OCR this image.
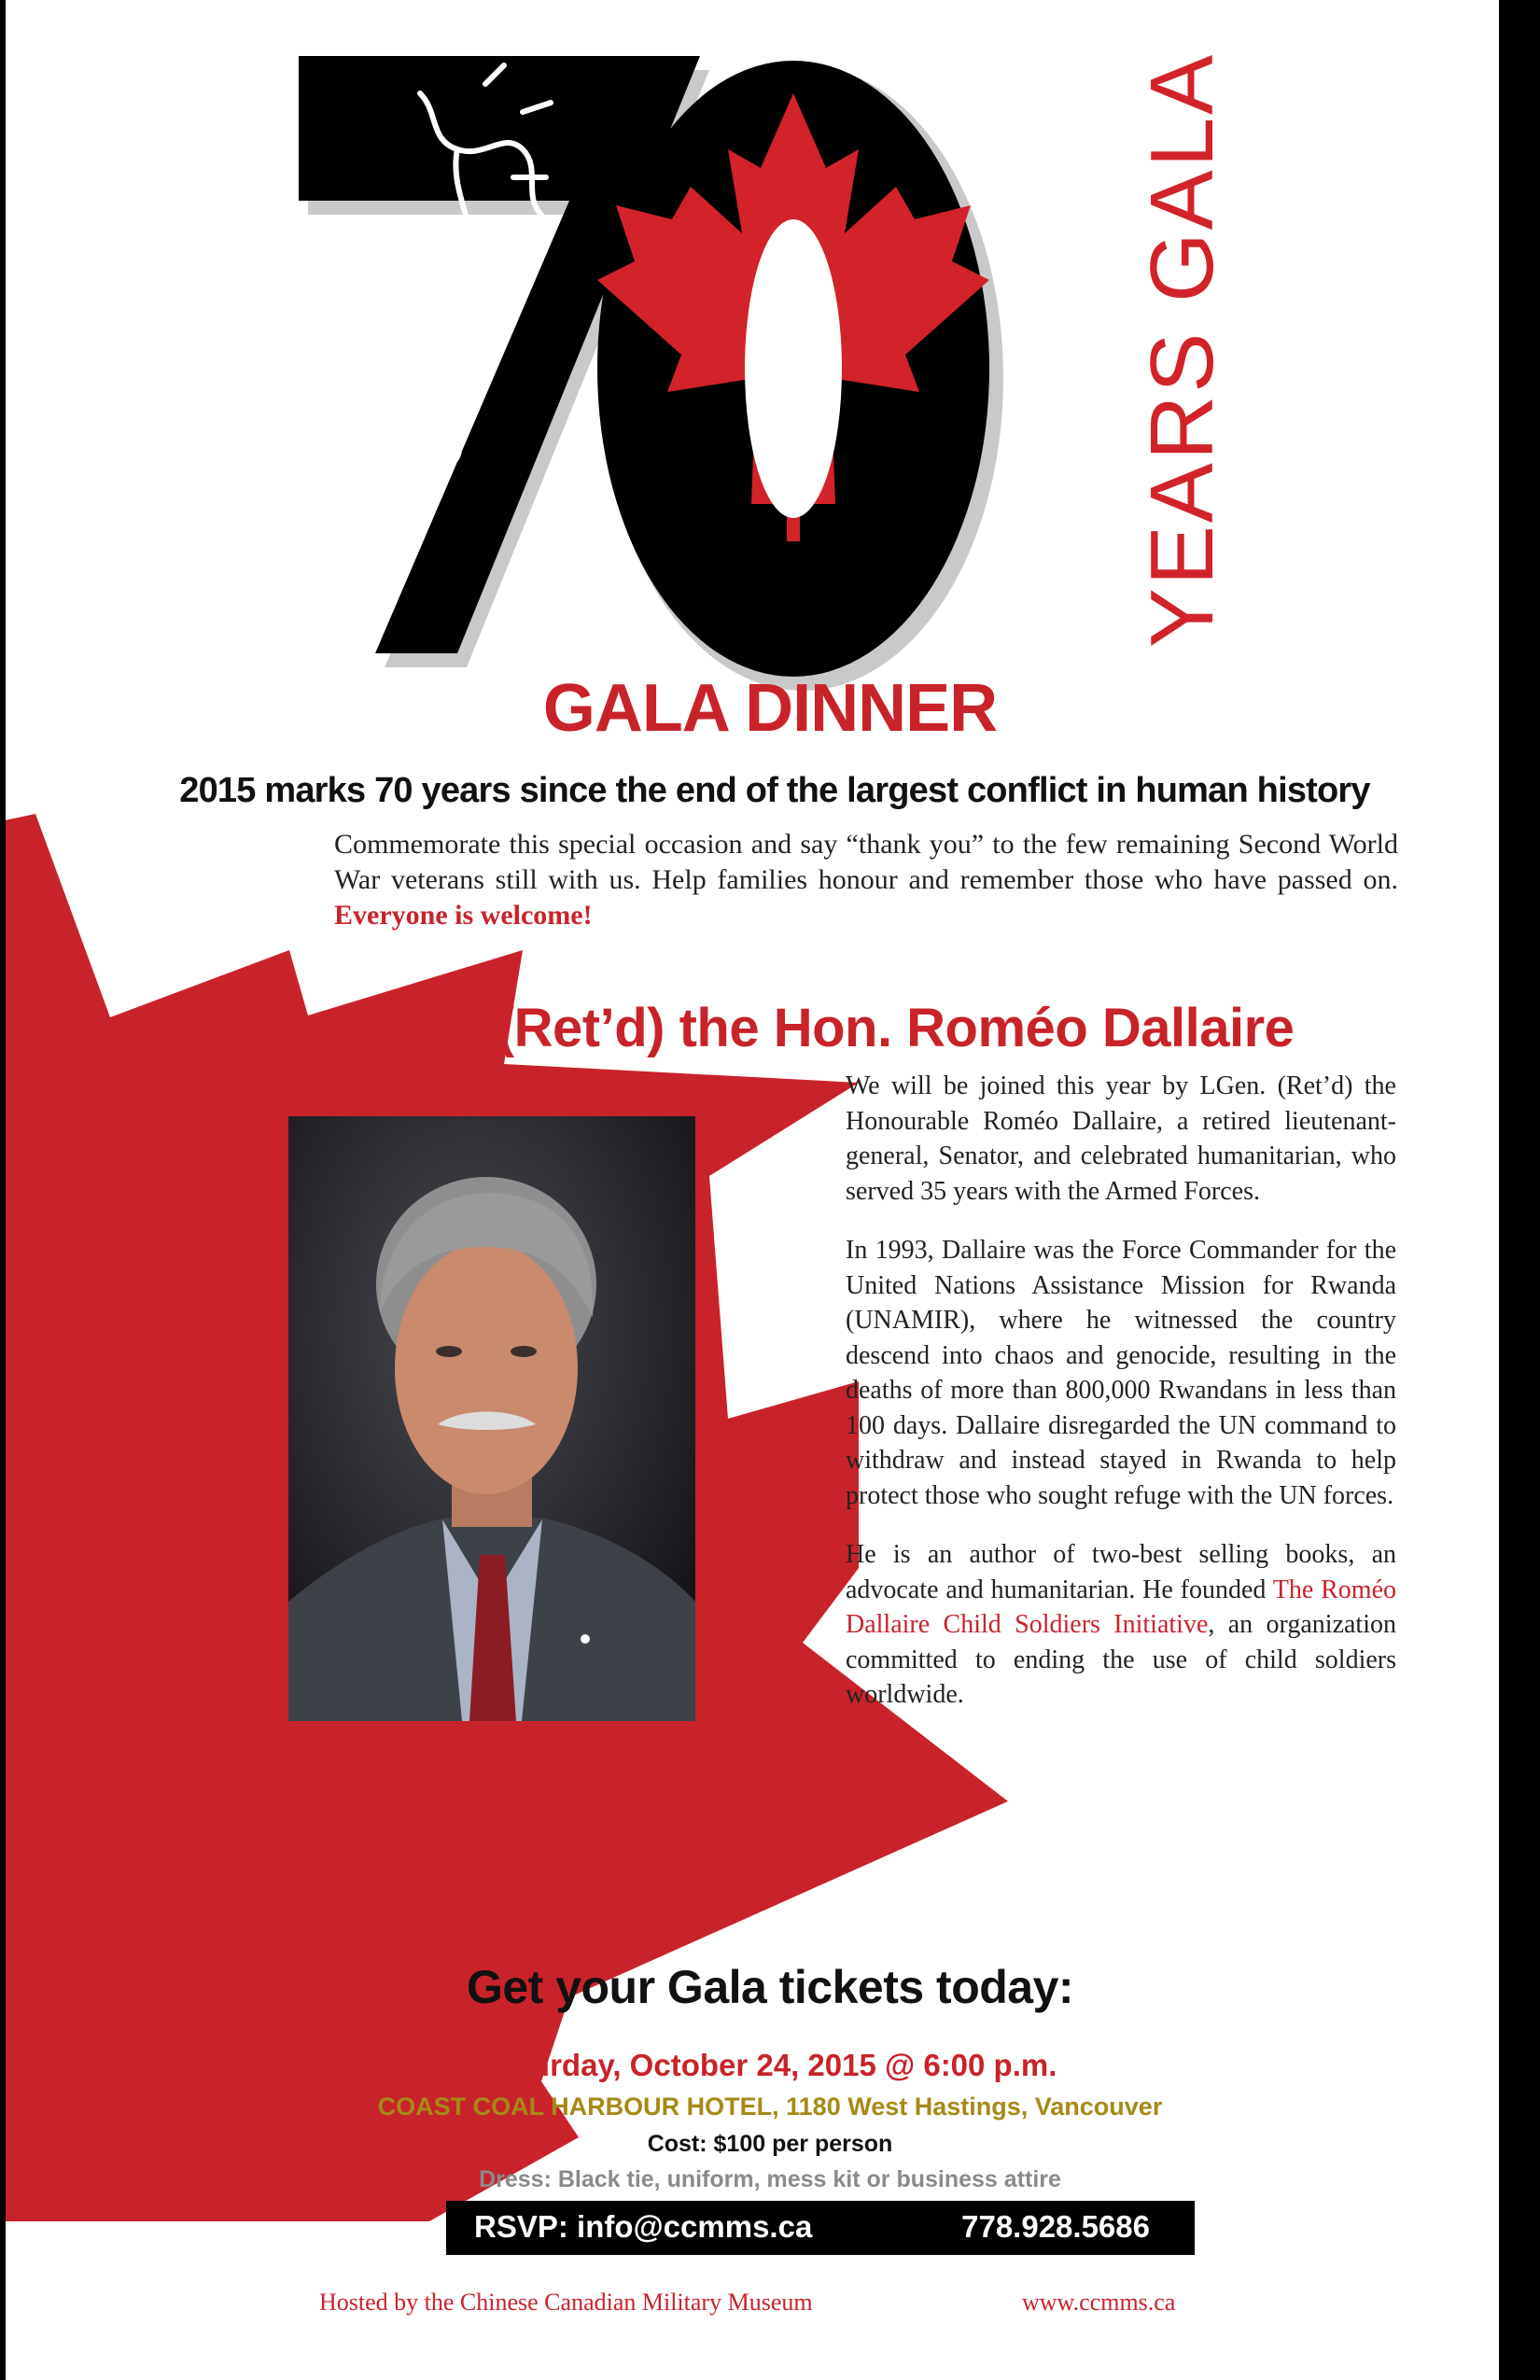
YEARS GALA
GALA DINNER
2015 marks 70 years since the end of the largest conflict in human history
Commemorate this special occasion and say “thank you” to the few remaining Second World War veterans still with us. Help families honour and remember those who have passed on. Everyone is welcome!
LGen (Ret’d) the Hon. Roméo Dallaire

We will be joined this year by LGen. (Ret’d) the Honourable Roméo Dallaire, a retired lieutenant-general, Senator, and celebrated humanitarian, who served 35 years with the Armed Forces.

In 1993, Dallaire was the Force Commander for the United Nations Assistance Mission for Rwanda (UNAMIR), where he witnessed the country descend into chaos and genocide, resulting in the deaths of more than 800,000 Rwandans in less than 100 days. Dallaire disregarded the UN command to withdraw and instead stayed in Rwanda to help protect those who sought refuge with the UN forces.

He is an author of two-best selling books, an advocate and humanitarian. He founded The Roméo Dallaire Child Soldiers Initiative, an organization committed to ending the use of child soldiers worldwide.

Get your Gala tickets today:
Saturday, October 24, 2015 @ 6:00 p.m.
COAST COAL HARBOUR HOTEL, 1180 West Hastings, Vancouver
Cost: $100 per person
Dress: Black tie, uniform, mess kit or business attire
RSVP: info@ccmms.ca	778.928.5686
Hosted by the Chinese Canadian Military Museum	www.ccmms.ca
